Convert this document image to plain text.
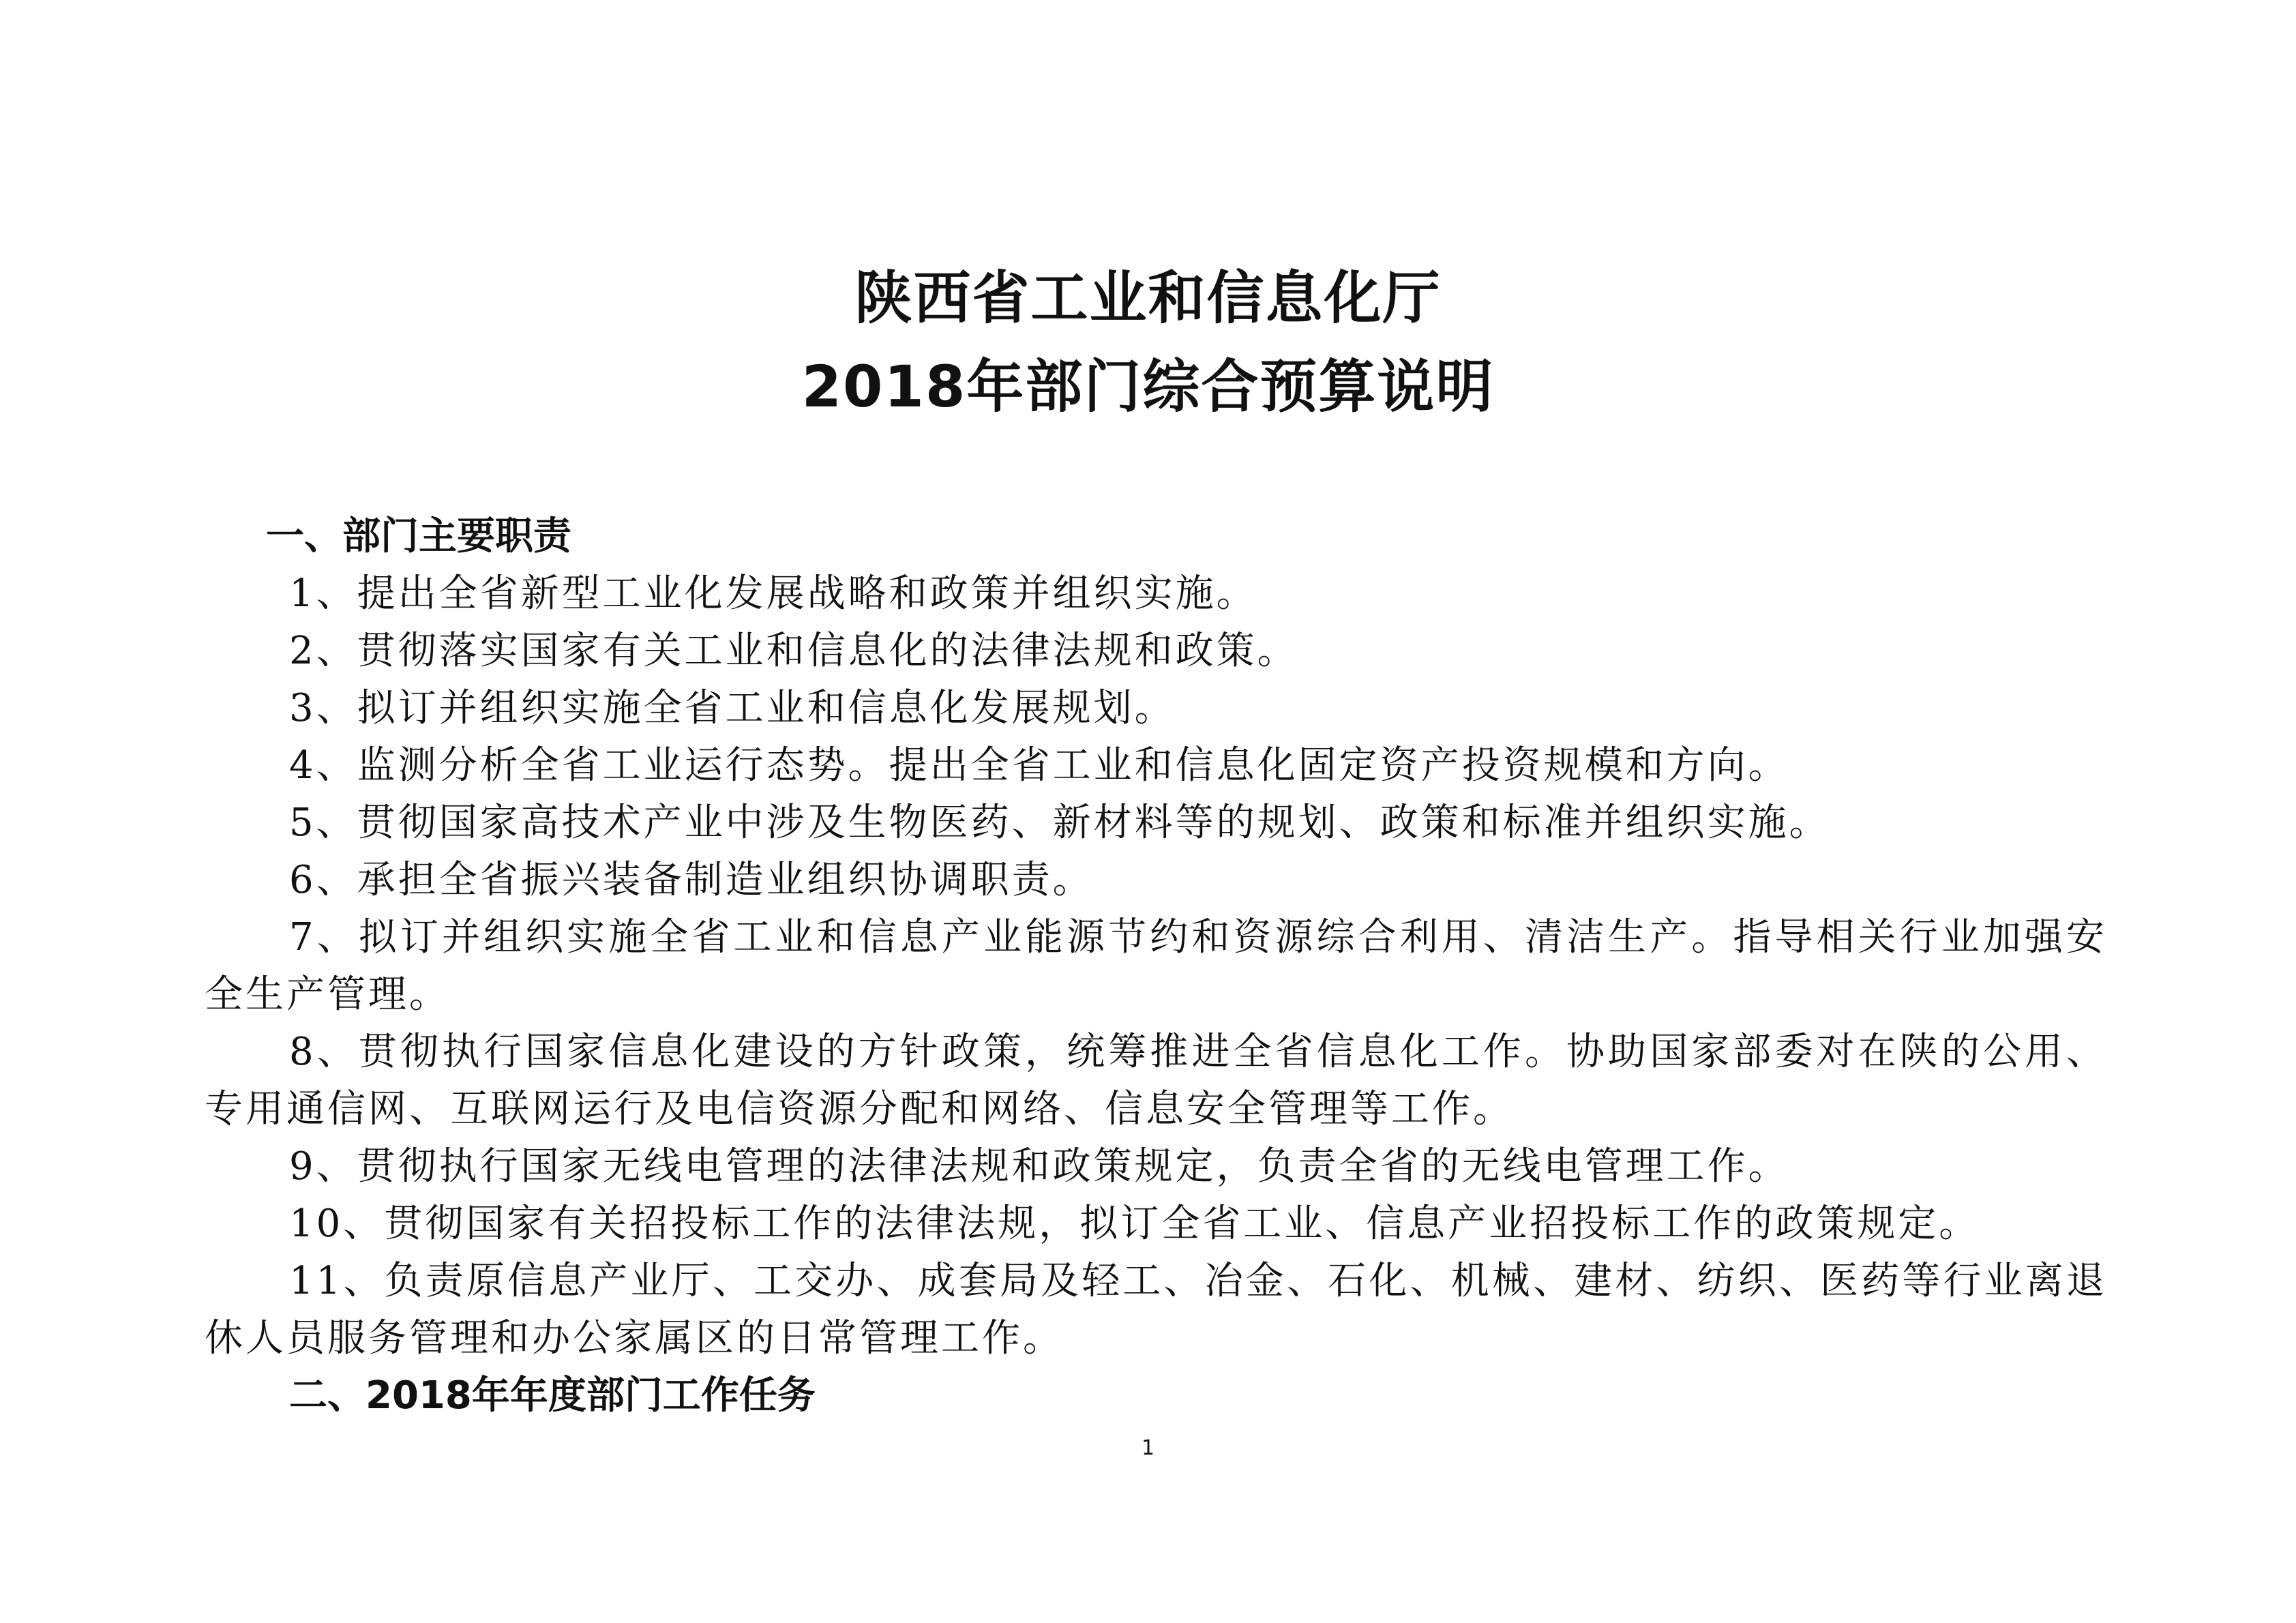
陕西省工业和信息化厅
2018年部门综合预算说明
一、部门主要职责
1、提出全省新型工业化发展战略和政策并组织实施。
2、贯彻落实国家有关工业和信息化的法律法规和政策。
3、拟订并组织实施全省工业和信息化发展规划。
4、监测分析全省工业运行态势。提出全省工业和信息化固定资产投资规模和方向。
5、贯彻国家高技术产业中涉及生物医药、新材料等的规划、政策和标准并组织实施。
6、承担全省振兴装备制造业组织协调职责。
7、拟订并组织实施全省工业和信息产业能源节约和资源综合利用、清洁生产。指导相关行业加强安全生产管理。
8、贯彻执行国家信息化建设的方针政策，统筹推进全省信息化工作。协助国家部委对在陕的公用、专用通信网、互联网运行及电信资源分配和网络、信息安全管理等工作。
9、贯彻执行国家无线电管理的法律法规和政策规定，负责全省的无线电管理工作。
10、贯彻国家有关招投标工作的法律法规，拟订全省工业、信息产业招投标工作的政策规定。
11、负责原信息产业厅、工交办、成套局及轻工、冶金、石化、机械、建材、纺织、医药等行业离退休人员服务管理和办公家属区的日常管理工作。
二、2018年年度部门工作任务
1
